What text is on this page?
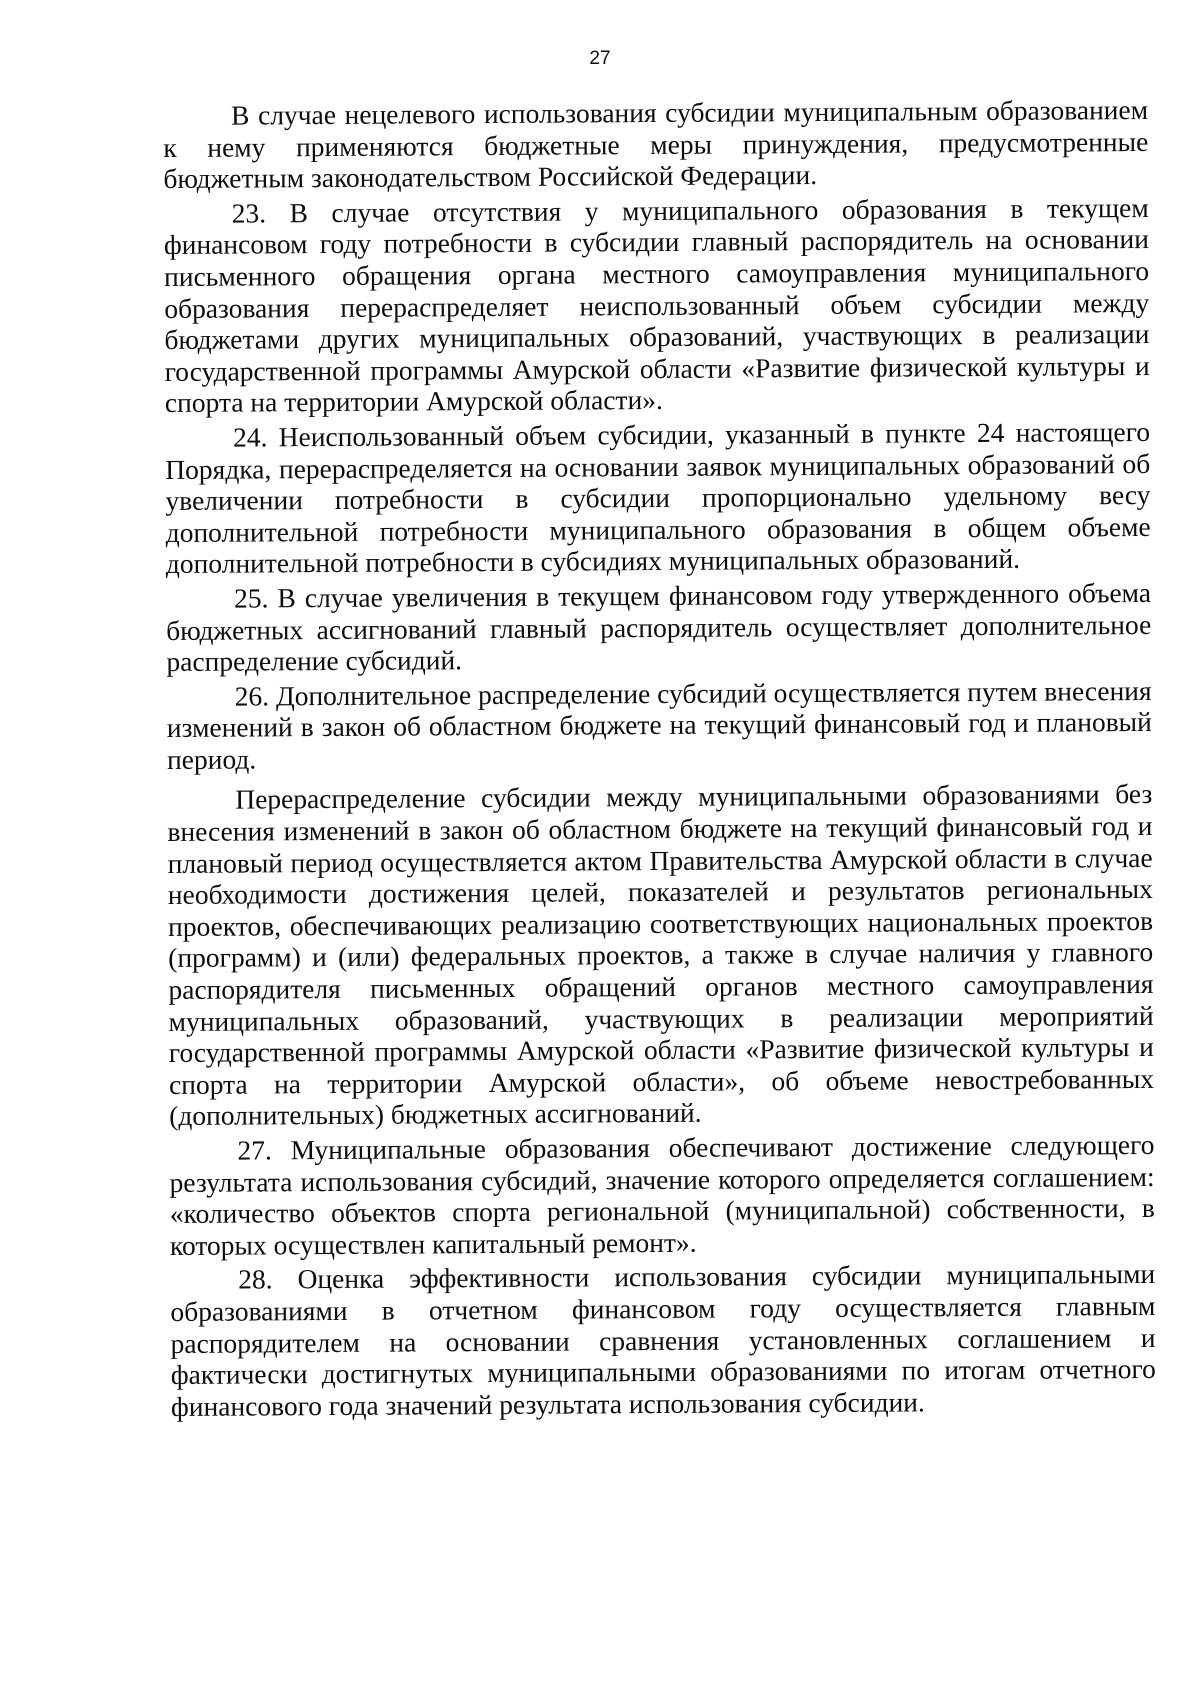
27

В случае нецелевого использования субсидии муниципальным образованием к нему применяются бюджетные меры принуждения, предусмотренные бюджетным законодательством Российской Федерации.

23. В случае отсутствия у муниципального образования в текущем финансовом году потребности в субсидии главный распорядитель на основании письменного обращения органа местного самоуправления муниципального образования перераспределяет неиспользованный объем субсидии между бюджетами других муниципальных образований, участвующих в реализации государственной программы Амурской области «Развитие физической культуры и спорта на территории Амурской области».

24. Неиспользованный объем субсидии, указанный в пункте 24 настоящего Порядка, перераспределяется на основании заявок муниципальных образований об увеличении потребности в субсидии пропорционально удельному весу дополнительной потребности муниципального образования в общем объеме дополнительной потребности в субсидиях муниципальных образований.

25. В случае увеличения в текущем финансовом году утвержденного объема бюджетных ассигнований главный распорядитель осуществляет дополнительное распределение субсидий.

26. Дополнительное распределение субсидий осуществляется путем внесения изменений в закон об областном бюджете на текущий финансовый год и плановый период.

Перераспределение субсидии между муниципальными образованиями без внесения изменений в закон об областном бюджете на текущий финансовый год и плановый период осуществляется актом Правительства Амурской области в случае необходимости достижения целей, показателей и результатов региональных проектов, обеспечивающих реализацию соответствующих национальных проектов (программ) и (или) федеральных проектов, а также в случае наличия у главного распорядителя письменных обращений органов местного самоуправления муниципальных образований, участвующих в реализации мероприятий государственной программы Амурской области «Развитие физической культуры и спорта на территории Амурской области», об объеме невостребованных (дополнительных) бюджетных ассигнований.

27. Муниципальные образования обеспечивают достижение следующего результата использования субсидий, значение которого определяется соглашением: «количество объектов спорта региональной (муниципальной) собственности, в которых осуществлен капитальный ремонт».

28. Оценка эффективности использования субсидии муниципальными образованиями в отчетном финансовом году осуществляется главным распорядителем на основании сравнения установленных соглашением и фактически достигнутых муниципальными образованиями по итогам отчетного финансового года значений результата использования субсидии.
